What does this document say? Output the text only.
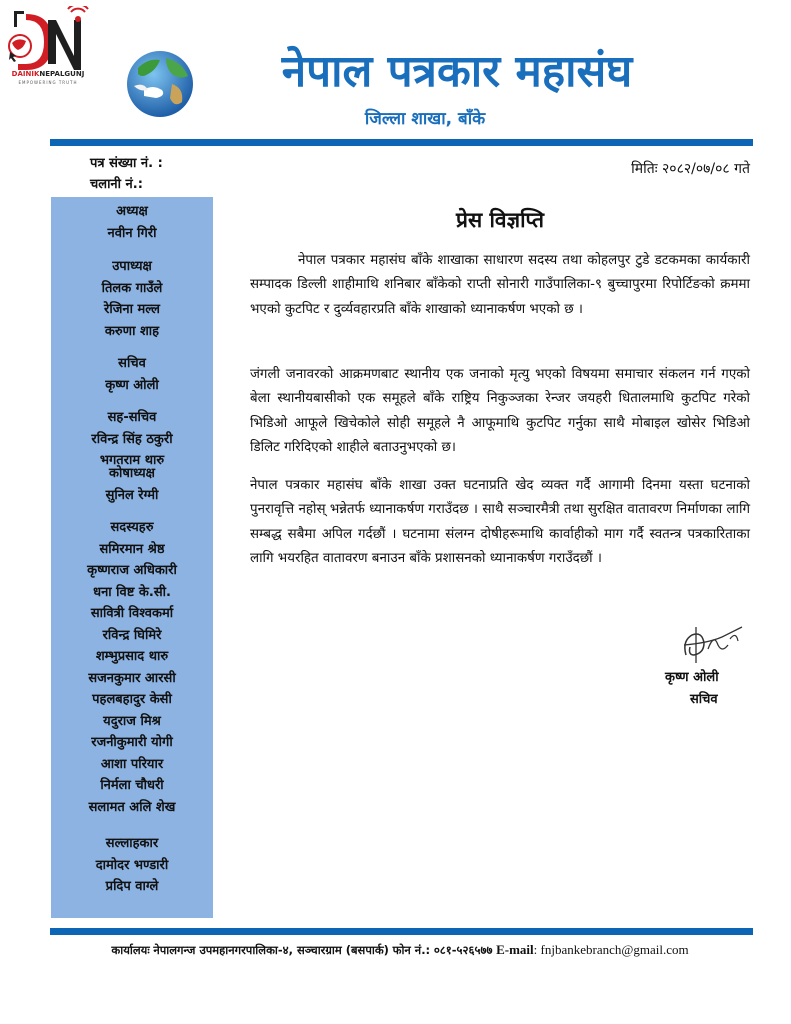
DAINIKNEPALGUNJ
EMPOWERING TRUTH	नेपाल पत्रकार महासंघ
जिल्ला शाखा, बाँके
पत्र संख्या नं. :
चलानी नं.:
मितिः २०८२/०७/०८ गते
अध्यक्ष
नवीन गिरी
उपाध्यक्ष
तिलक गाउँले
रेजिना मल्ल
करुणा शाह
सचिव
कृष्ण ओली
सह-सचिव
रविन्द्र सिंह ठकुरी
भगतराम थारु
कोषाध्यक्ष
सुनिल रेग्मी
सदस्यहरु
समिरमान श्रेष्ठ
कृष्णराज अधिकारी
धना विष्ट के.सी.
सावित्री विश्वकर्मा
रविन्द्र घिमिरे
शम्भुप्रसाद थारु
सजनकुमार आरसी
पहलबहादुर केसी
यदुराज मिश्र
रजनीकुमारी योगी
आशा परियार
निर्मला चौधरी
सलामत अलि शेख
सल्लाहकार
दामोदर भण्डारी
प्रदिप वाग्ले
प्रेस विज्ञप्ति

नेपाल पत्रकार महासंघ बाँके शाखाका साधारण सदस्य तथा कोहलपुर टुडे डटकमका कार्यकारी सम्पादक डिल्ली शाहीमाथि शनिबार बाँकेको राप्ती सोनारी गाउँपालिका-९ बुच्चापुरमा रिपोर्टिङको क्रममा भएको कुटपिट र दुर्व्यवहारप्रति बाँके शाखाको ध्यानाकर्षण भएको छ ।

जंगली जनावरको आक्रमणबाट स्थानीय एक जनाको मृत्यु भएको विषयमा समाचार संकलन गर्न गएको बेला स्थानीयबासीको एक समूहले बाँके राष्ट्रिय निकुञ्जका रेन्जर जयहरी धितालमाथि कुटपिट गरेको भिडिओ आफूले खिचेकोले सोही समूहले नै आफूमाथि कुटपिट गर्नुका साथै मोबाइल खोसेर भिडिओ डिलिट गरिदिएको शाहीले बताउनुभएको छ।

नेपाल पत्रकार महासंघ बाँके शाखा उक्त घटनाप्रति खेद व्यक्त गर्दै आगामी दिनमा यस्ता घटनाको पुनरावृत्ति नहोस् भन्नेतर्फ ध्यानाकर्षण गराउँदछ । साथै सञ्चारमैत्री तथा सुरक्षित वातावरण निर्माणका लागि सम्बद्ध सबैमा अपिल गर्दछौं । घटनामा संलग्न दोषीहरूमाथि कार्वाहीको माग गर्दै स्वतन्त्र पत्रकारिताका लागि भयरहित वातावरण बनाउन बाँके प्रशासनको ध्यानाकर्षण गराउँदछौं ।

कृष्ण ओली
सचिव
कार्यालयः नेपालगन्ज उपमहानगरपालिका-४, सञ्चारग्राम (बसपार्क) फोन नं.: ०८१-५२६५७७ E-mail: fnjbankebranch@gmail.com
